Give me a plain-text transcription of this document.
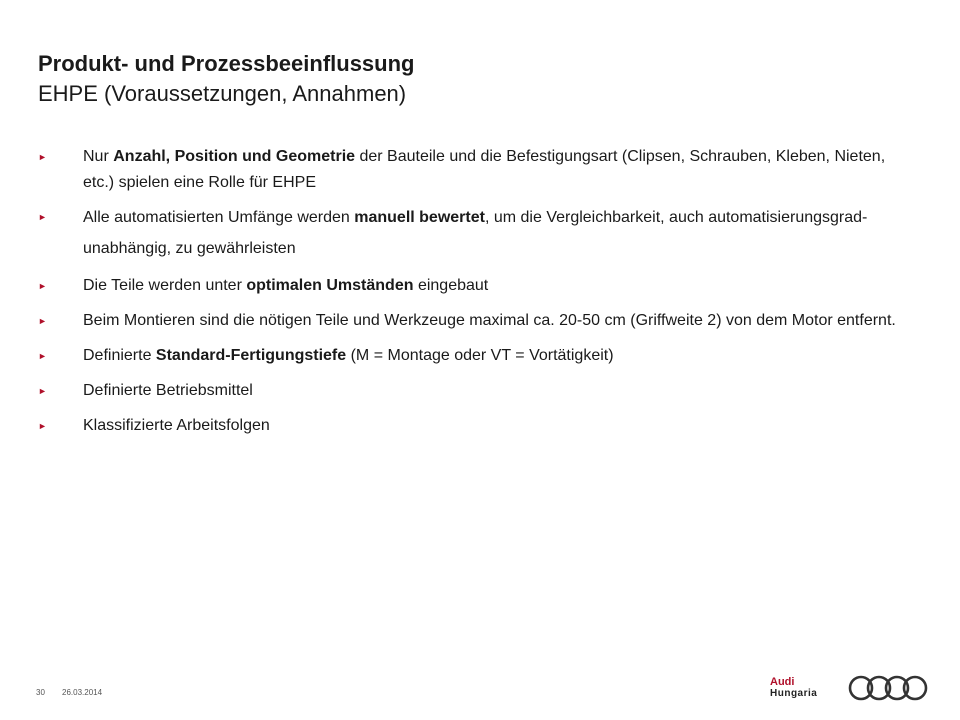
Produkt- und Prozessbeeinflussung
EHPE (Voraussetzungen, Annahmen)
► Nur Anzahl, Position und Geometrie der Bauteile und die Befestigungsart (Clipsen, Schrauben, Kleben, Nieten, etc.) spielen eine Rolle für EHPE
► Alle automatisierten Umfänge werden manuell bewertet, um die Vergleichbarkeit, auch automatisierungsgrad-unabhängig, zu gewährleisten
► Die Teile werden unter optimalen Umständen eingebaut
► Beim Montieren sind die nötigen Teile und Werkzeuge maximal ca. 20-50 cm (Griffweite 2) von dem Motor entfernt.
► Definierte Standard-Fertigungstiefe (M = Montage oder VT = Vortätigkeit)
► Definierte Betriebsmittel
► Klassifizierte Arbeitsfolgen
30 26.03.2014
Audi
Hungaria
